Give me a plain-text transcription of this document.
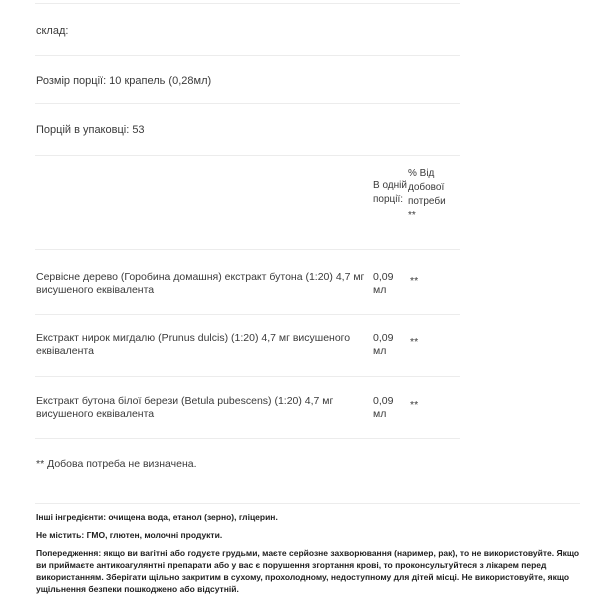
склад:
Розмір порції: 10 крапель (0,28мл)
Порцій в упаковці: 53
В одній порції:
% Від добової потреби **
Сервісне дерево (Горобина домашня) екстракт бутона (1:20) 4,7 мг висушеного еквівалента
0,09 мл
**
Екстракт нирок мигдалю (Prunus dulcis) (1:20) 4,7 мг висушеного еквівалента
0,09 мл
**
Екстракт бутона білої берези (Betula pubescens) (1:20) 4,7 мг висушеного еквівалента
0,09 мл
**
** Добова потреба не визначена.
Інші інгредієнти: очищена вода, етанол (зерно), гліцерин.
Не містить: ГМО, глютен, молочні продукти.
Попередження: якщо ви вагітні або годуєте грудьми, маєте серйозне захворювання (наример, рак), то не використовуйте. Якщо ви приймаєте антикоагулянтні препарати або у вас є порушення згортання крові, то проконсультуйтеся з лікарем перед використанням. Зберігати щільно закритим в сухому, прохолодному, недоступному для дітей місці. Не використовуйте, якщо ущільнення безпеки пошкоджено або відсутній.
